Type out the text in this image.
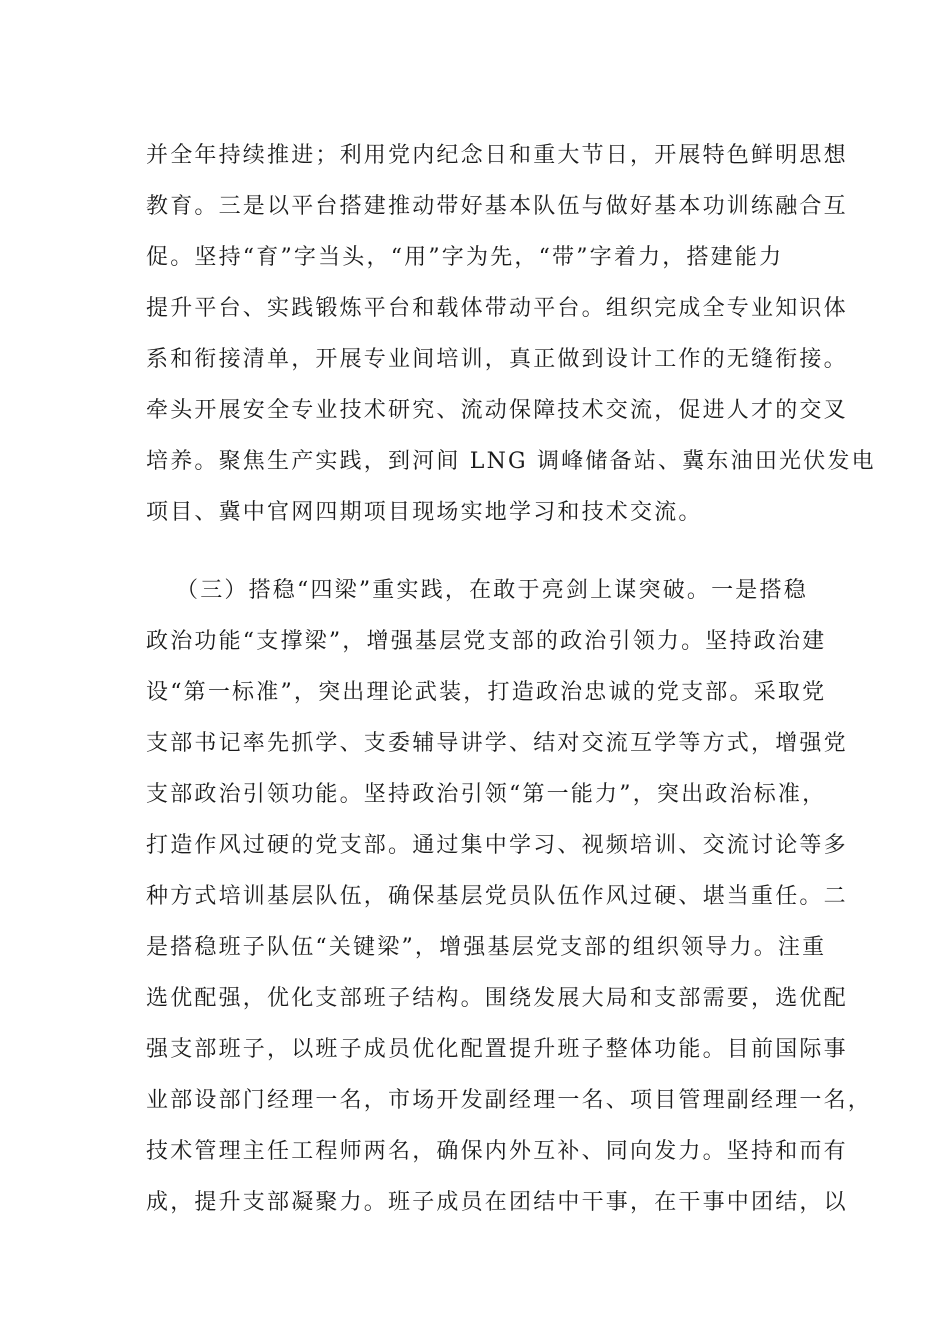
并全年持续推进；利用党内纪念日和重大节日，开展特色鲜明思想
教育。三是以平台搭建推动带好基本队伍与做好基本功训练融合互
促。坚持“育”字当头，“用”字为先，“带”字着力，搭建能力
提升平台、实践锻炼平台和载体带动平台。组织完成全专业知识体
系和衔接清单，开展专业间培训，真正做到设计工作的无缝衔接。
牵头开展安全专业技术研究、流动保障技术交流，促进人才的交叉
培养。聚焦生产实践，到河间 LNG 调峰储备站、冀东油田光伏发电
项目、冀中官网四期项目现场实地学习和技术交流。
（三）搭稳“四梁”重实践，在敢于亮剑上谋突破。一是搭稳
政治功能“支撑梁”，增强基层党支部的政治引领力。坚持政治建
设“第一标准”，突出理论武装，打造政治忠诚的党支部。采取党
支部书记率先抓学、支委辅导讲学、结对交流互学等方式，增强党
支部政治引领功能。坚持政治引领“第一能力”，突出政治标准，
打造作风过硬的党支部。通过集中学习、视频培训、交流讨论等多
种方式培训基层队伍，确保基层党员队伍作风过硬、堪当重任。二
是搭稳班子队伍“关键梁”，增强基层党支部的组织领导力。注重
选优配强，优化支部班子结构。围绕发展大局和支部需要，选优配
强支部班子，以班子成员优化配置提升班子整体功能。目前国际事
业部设部门经理一名，市场开发副经理一名、项目管理副经理一名，
技术管理主任工程师两名，确保内外互补、同向发力。坚持和而有
成，提升支部凝聚力。班子成员在团结中干事，在干事中团结，以
